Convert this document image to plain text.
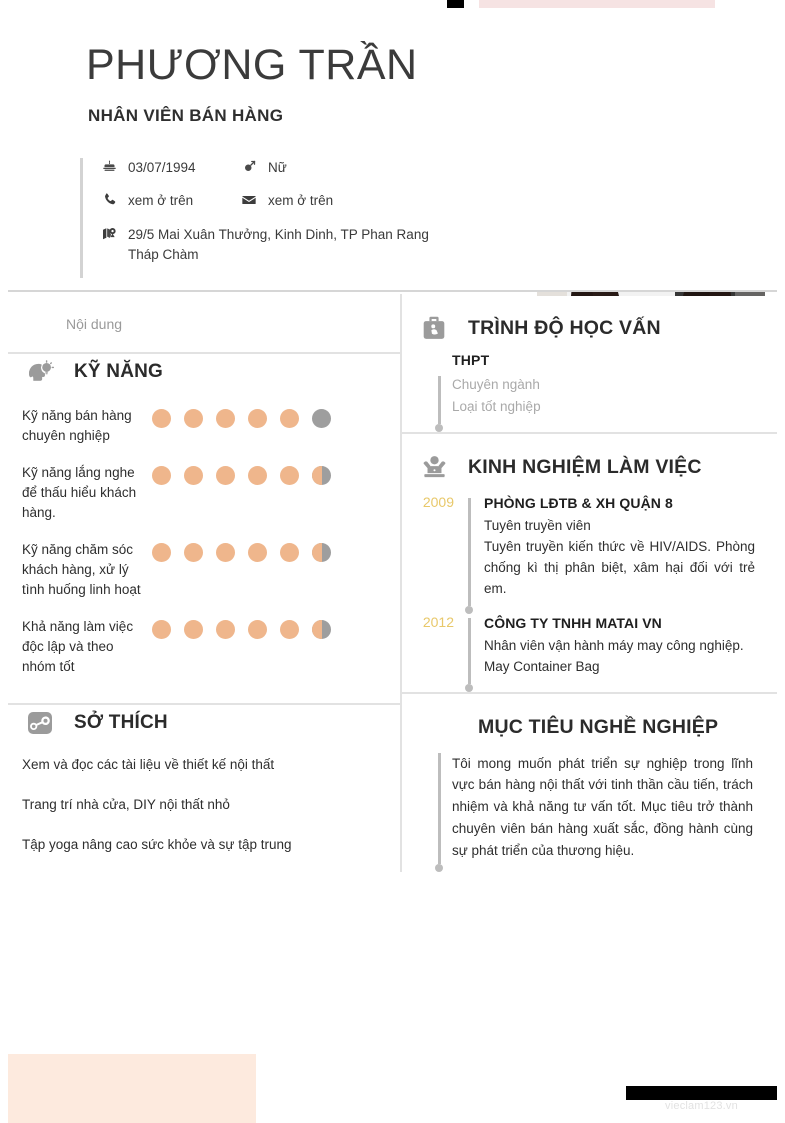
PHƯƠNG TRẦN
NHÂN VIÊN BÁN HÀNG
03/07/1994	Nữ
xem ở trên	xem ở trên
29/5 Mai Xuân Thưởng, Kinh Dinh, TP Phan Rang Tháp Chàm
Nội dung
KỸ NĂNG
Kỹ năng bán hàng chuyên nghiệp
Kỹ năng lắng nghe để thấu hiểu khách hàng.
Kỹ năng chăm sóc khách hàng, xử lý tình huống linh hoạt
Khả năng làm việc độc lập và theo nhóm tốt
SỞ THÍCH
Xem và đọc các tài liệu về thiết kế nội thất
Trang trí nhà cửa, DIY nội thất nhỏ
Tập yoga nâng cao sức khỏe và sự tập trung
TRÌNH ĐỘ HỌC VẤN
THPT
Chuyên ngành
Loại tốt nghiệp
KINH NGHIỆM LÀM VIỆC
2009 PHÒNG LĐTB & XH QUẬN 8
Tuyên truyền viên
Tuyên truyền kiến thức về HIV/AIDS. Phòng chống kì thị phân biệt, xâm hại đối với trẻ em.
2012 CÔNG TY TNHH MATAI VN
Nhân viên vận hành máy may công nghiệp.
May Container Bag
MỤC TIÊU NGHỀ NGHIỆP
Tôi mong muốn phát triển sự nghiệp trong lĩnh vực bán hàng nội thất với tinh thần cầu tiến, trách nhiệm và khả năng tư vấn tốt. Mục tiêu trở thành chuyên viên bán hàng xuất sắc, đồng hành cùng sự phát triển của thương hiệu.
vieclam123.vn
